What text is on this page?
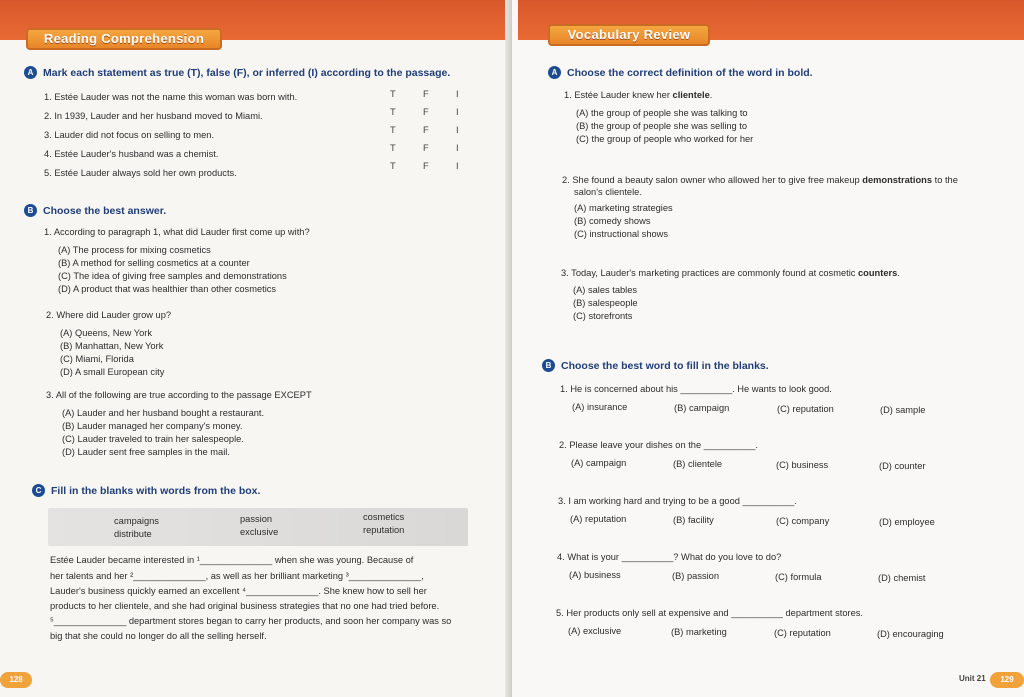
Reading Comprehension
A Mark each statement as true (T), false (F), or inferred (I) according to the passage.
1. Estée Lauder was not the name this woman was born with.
2. In 1939, Lauder and her husband moved to Miami.
3. Lauder did not focus on selling to men.
4. Estée Lauder's husband was a chemist.
5. Estée Lauder always sold her own products.
T	F	I
T	F	I
T	F	I
T	F	I
T	F	I
B Choose the best answer.
1. According to paragraph 1, what did Lauder first come up with?
(A) The process for mixing cosmetics
(B) A method for selling cosmetics at a counter
(C) The idea of giving free samples and demonstrations
(D) A product that was healthier than other cosmetics
2. Where did Lauder grow up?
(A) Queens, New York
(B) Manhattan, New York
(C) Miami, Florida
(D) A small European city
3. All of the following are true according to the passage EXCEPT
(A) Lauder and her husband bought a restaurant.
(B) Lauder managed her company's money.
(C) Lauder traveled to train her salespeople.
(D) Lauder sent free samples in the mail.
C Fill in the blanks with words from the box.
campaigns
distribute
passion
exclusive
cosmetics
reputation
Estée Lauder became interested in ¹______________ when she was young. Because of
her talents and her ²______________, as well as her brilliant marketing ³______________,
Lauder's business quickly earned an excellent ⁴______________. She knew how to sell her
products to her clientele, and she had original business strategies that no one had tried before.
⁵______________ department stores began to carry her products, and soon her company was so
big that she could no longer do all the selling herself.
128
Vocabulary Review
A Choose the correct definition of the word in bold.
1. Estée Lauder knew her clientele.
(A) the group of people she was talking to
(B) the group of people she was selling to
(C) the group of people who worked for her
2. She found a beauty salon owner who allowed her to give free makeup demonstrations to the
salon's clientele.
(A) marketing strategies
(B) comedy shows
(C) instructional shows
3. Today, Lauder's marketing practices are commonly found at cosmetic counters.
(A) sales tables
(B) salespeople
(C) storefronts
B Choose the best word to fill in the blanks.
1. He is concerned about his __________. He wants to look good.
(A) insurance	(B) campaign	(C) reputation	(D) sample
2. Please leave your dishes on the __________.
(A) campaign	(B) clientele	(C) business	(D) counter
3. I am working hard and trying to be a good __________.
(A) reputation	(B) facility	(C) company	(D) employee
4. What is your __________? What do you love to do?
(A) business	(B) passion	(C) formula	(D) chemist
5. Her products only sell at expensive and __________ department stores.
(A) exclusive	(B) marketing	(C) reputation	(D) encouraging
Unit 21	129
